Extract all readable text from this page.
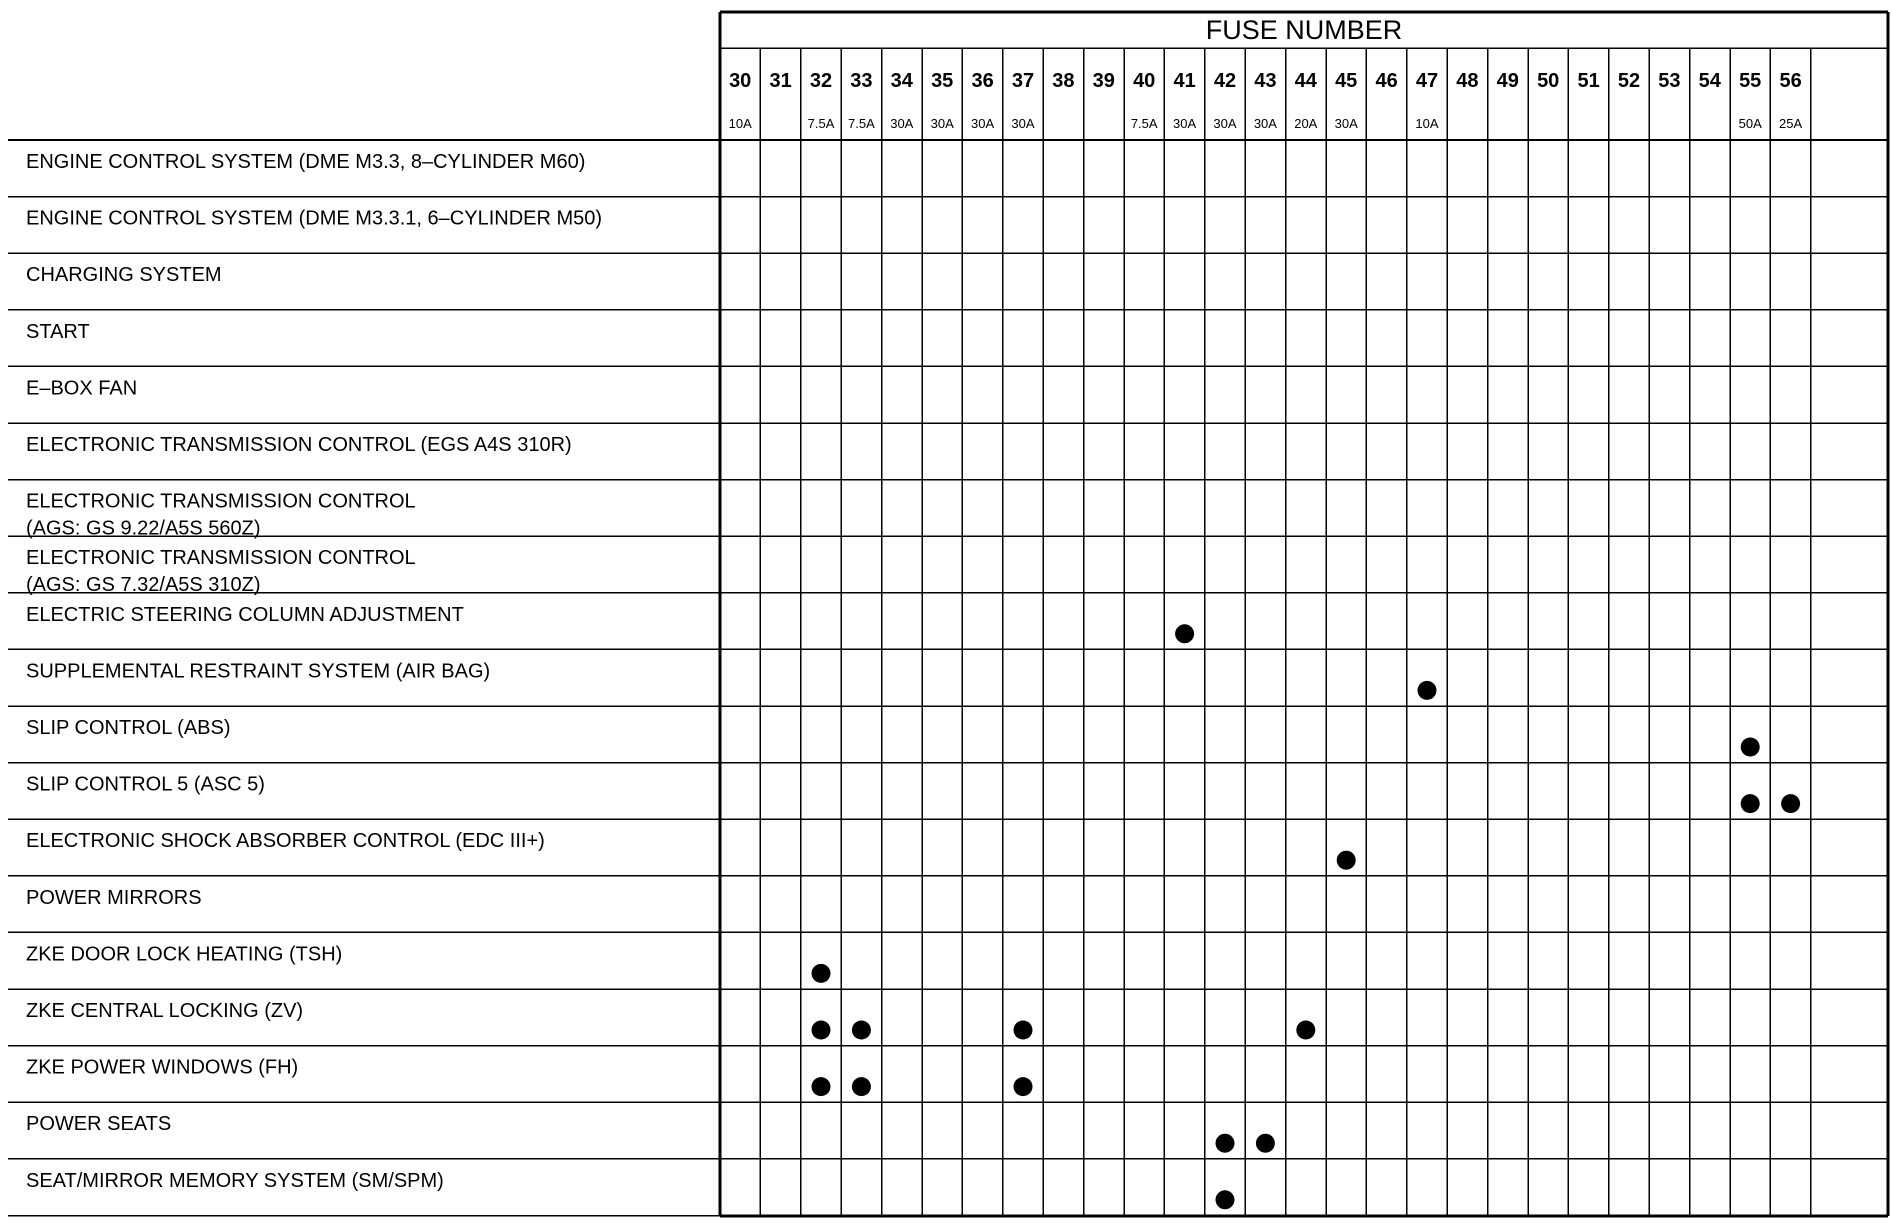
FUSE NUMBER
30
10A
31 32
7.5A
33
7.5A
34
30A
35
30A
36
30A
37
30A
38 39 40
7.5A
41
30A
42
30A
43
30A
44
20A
45
30A
46 47
10A
48 49 50 51 52 53 54 55
50A
56
25A
ENGINE CONTROL SYSTEM (DME M3.3, 8–CYLINDER M60)
ENGINE CONTROL SYSTEM (DME M3.3.1, 6–CYLINDER M50)
CHARGING SYSTEM
START
E–BOX FAN
ELECTRONIC TRANSMISSION CONTROL (EGS A4S 310R)
ELECTRONIC TRANSMISSION CONTROL
(AGS: GS 9.22/A5S 560Z)
ELECTRONIC TRANSMISSION CONTROL
(AGS: GS 7.32/A5S 310Z)
ELECTRIC STEERING COLUMN ADJUSTMENT
SUPPLEMENTAL RESTRAINT SYSTEM (AIR BAG)
SLIP CONTROL (ABS)
SLIP CONTROL 5 (ASC 5)
ELECTRONIC SHOCK ABSORBER CONTROL (EDC III+)
POWER MIRRORS
ZKE DOOR LOCK HEATING (TSH)
ZKE CENTRAL LOCKING (ZV)
ZKE POWER WINDOWS (FH)
POWER SEATS
SEAT/MIRROR MEMORY SYSTEM (SM/SPM)
